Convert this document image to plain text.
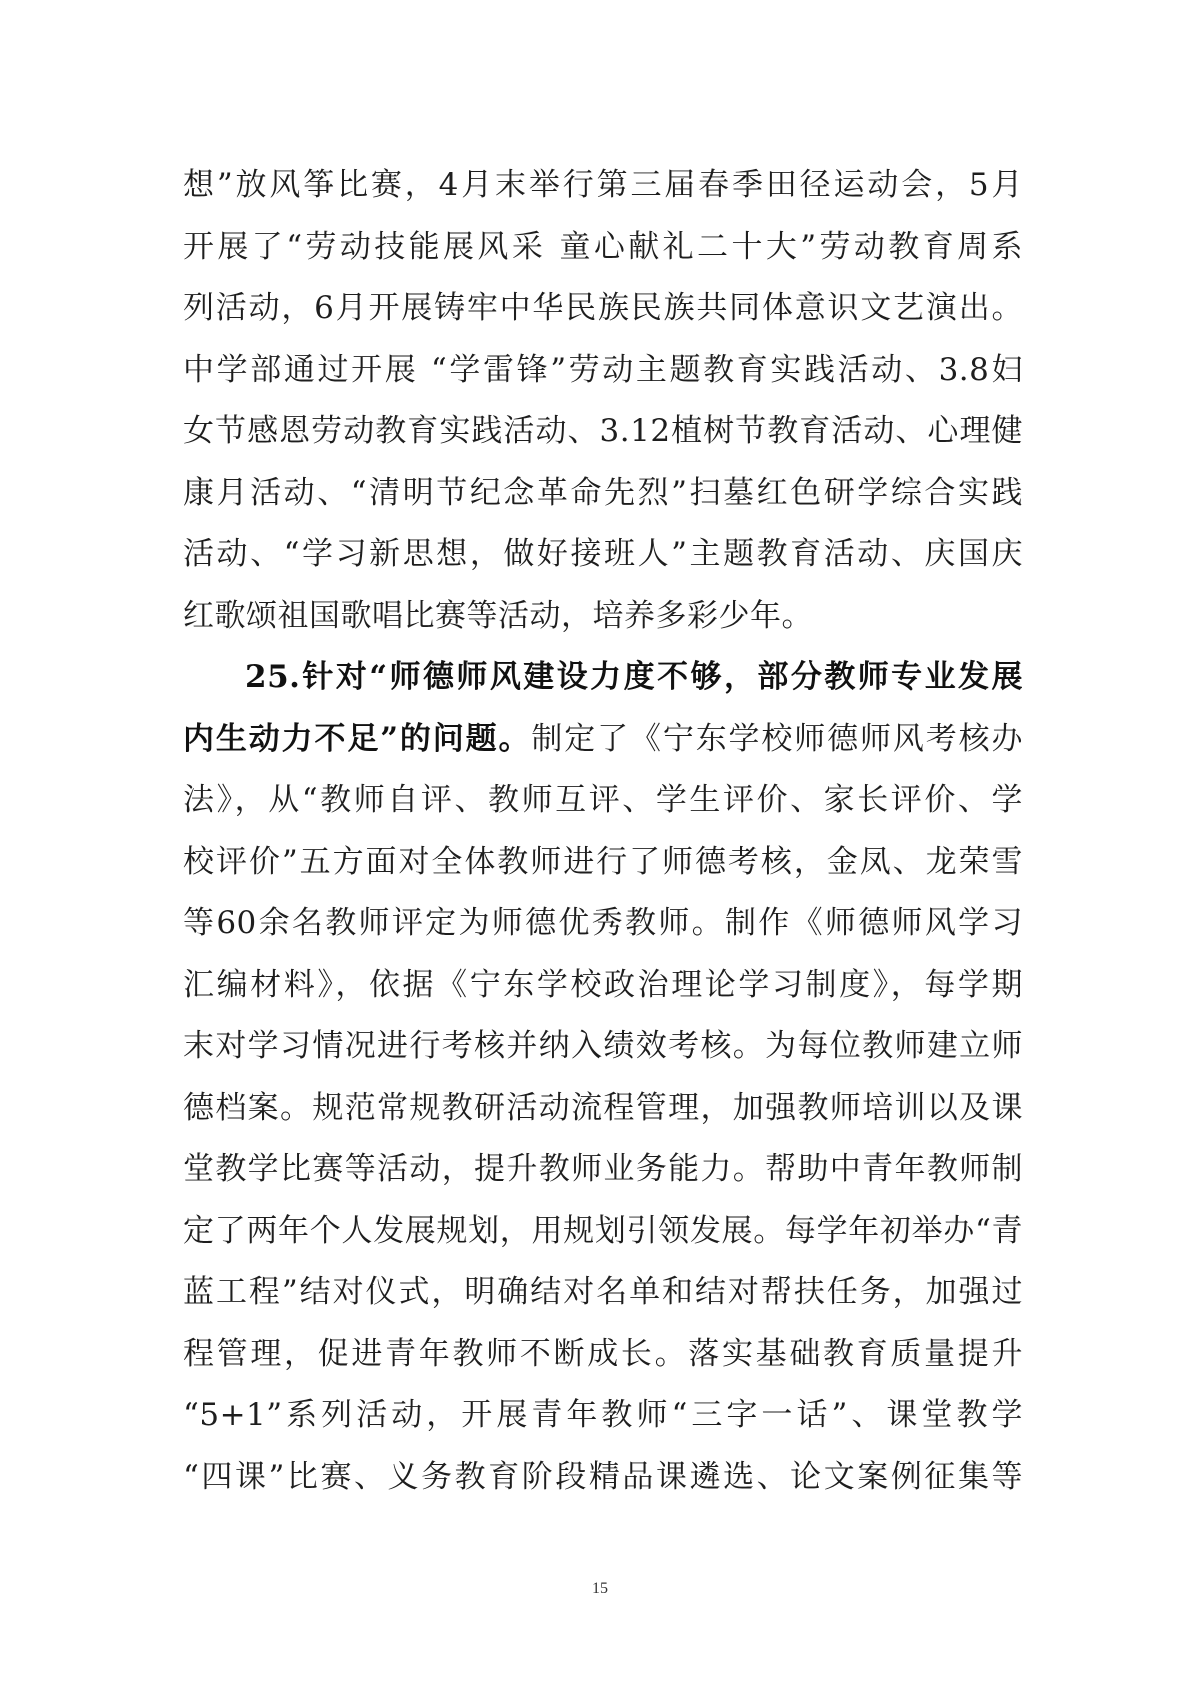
想”放风筝比赛，4月末举行第三届春季田径运动会，5月
开展了“劳动技能展风采 童心献礼二十大”劳动教育周系
列活动，6月开展铸牢中华民族民族共同体意识文艺演出。
中学部通过开展 “学雷锋”劳动主题教育实践活动、3.8妇
女节感恩劳动教育实践活动、3.12植树节教育活动、心理健
康月活动、“清明节纪念革命先烈”扫墓红色研学综合实践
活动、“学习新思想，做好接班人”主题教育活动、庆国庆
红歌颂祖国歌唱比赛等活动，培养多彩少年。
25.针对“师德师风建设力度不够，部分教师专业发展
内生动力不足”的问题。制定了《宁东学校师德师风考核办
法》，从“教师自评、教师互评、学生评价、家长评价、学
校评价”五方面对全体教师进行了师德考核，金凤、龙荣雪
等60余名教师评定为师德优秀教师。制作《师德师风学习
汇编材料》，依据《宁东学校政治理论学习制度》，每学期
末对学习情况进行考核并纳入绩效考核。为每位教师建立师
德档案。规范常规教研活动流程管理，加强教师培训以及课
堂教学比赛等活动，提升教师业务能力。帮助中青年教师制
定了两年个人发展规划，用规划引领发展。每学年初举办“青
蓝工程”结对仪式，明确结对名单和结对帮扶任务，加强过
程管理，促进青年教师不断成长。落实基础教育质量提升
“5+1”系列活动，开展青年教师“三字一话”、课堂教学
“四课”比赛、义务教育阶段精品课遴选、论文案例征集等
15
